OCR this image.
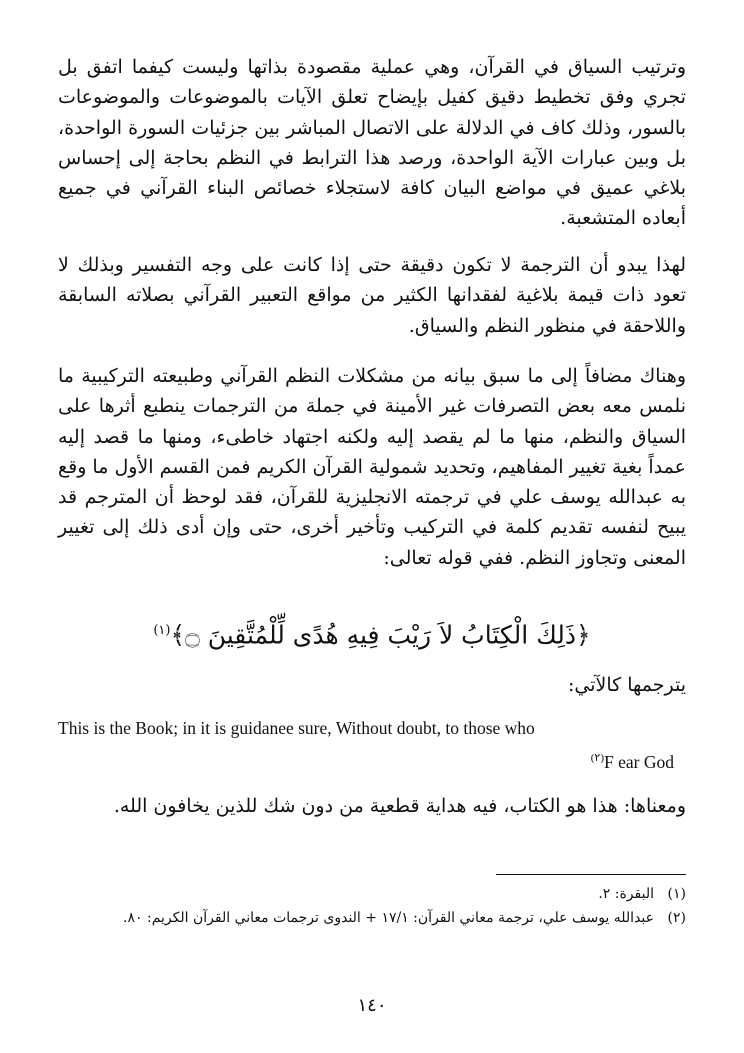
وترتيب السياق في القرآن، وهي عملية مقصودة بذاتها وليست كيفما اتفق بل تجري وفق تخطيط دقيق كفيل بإيضاح تعلق الآيات بالموضوعات والموضوعات بالسور، وذلك كاف في الدلالة على الاتصال المباشر بين جزئيات السورة الواحدة، بل وبين عبارات الآية الواحدة، ورصد هذا الترابط في النظم بحاجة إلى إحساس بلاغي عميق في مواضع البيان كافة لاستجلاء خصائص البناء القرآني في جميع أبعاده المتشعبة.

لهذا يبدو أن الترجمة لا تكون دقيقة حتى إذا كانت على وجه التفسير وبذلك لا تعود ذات قيمة بلاغية لفقدانها الكثير من مواقع التعبير القرآني بصلاته السابقة واللاحقة في منظور النظم والسياق.

وهناك مضافاً إلى ما سبق بيانه من مشكلات النظم القرآني وطبيعته التركيبية ما نلمس معه بعض التصرفات غير الأمينة في جملة من الترجمات ينطبع أثرها على السياق والنظم، منها ما لم يقصد إليه ولكنه اجتهاد خاطىء، ومنها ما قصد إليه عمداً بغية تغيير المفاهيم، وتحديد شمولية القرآن الكريم فمن القسم الأول ما وقع به عبدالله يوسف علي في ترجمته الانجليزية للقرآن، فقد لوحظ أن المترجم قد يبيح لنفسه تقديم كلمة في التركيب وتأخير أخرى، حتى وإن أدى ذلك إلى تغيير المعنى وتجاوز النظم. ففي قوله تعالى:

﴿ذَلِكَ الْكِتَابُ لاَ رَيْبَ فِيهِ هُدًى لِّلْمُتَّقِينَ ۝﴾$^{(١)}$

يترجمها كالآتي:

This is the Book; in it is guidanee sure, Without doubt, to those who
$^{(٢)}$F ear God

ومعناها: هذا هو الكتاب، فيه هداية قطعية من دون شك للذين يخافون الله.

(١)
البقرة: ٢.
(٢)
عبدالله يوسف علي، ترجمة معاني القرآن: ١٧/١ + الندوى ترجمات معاني القرآن الكريم: ٨٠.
١٤٠
